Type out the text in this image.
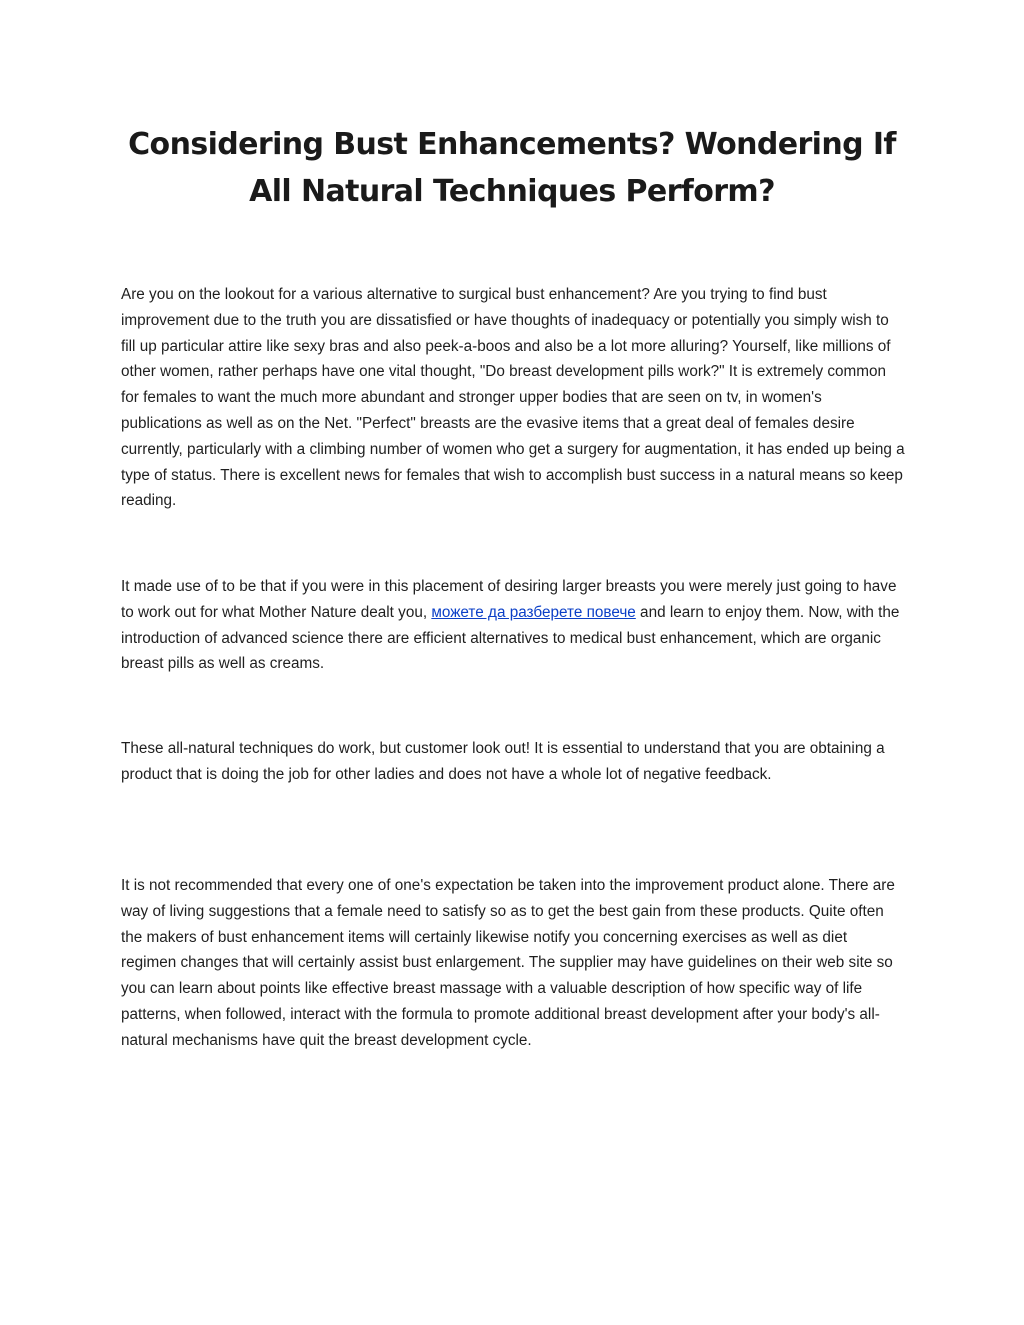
Considering Bust Enhancements? Wondering If All Natural Techniques Perform?

Are you on the lookout for a various alternative to surgical bust enhancement? Are you trying to find bust improvement due to the truth you are dissatisfied or have thoughts of inadequacy or potentially you simply wish to fill up particular attire like sexy bras and also peek-a-boos and also be a lot more alluring? Yourself, like millions of other women, rather perhaps have one vital thought, "Do breast development pills work?" It is extremely common for females to want the much more abundant and stronger upper bodies that are seen on tv, in women's publications as well as on the Net. "Perfect" breasts are the evasive items that a great deal of females desire currently, particularly with a climbing number of women who get a surgery for augmentation, it has ended up being a type of status. There is excellent news for females that wish to accomplish bust success in a natural means so keep reading.

It made use of to be that if you were in this placement of desiring larger breasts you were merely just going to have to work out for what Mother Nature dealt you, можете да разберете повече and learn to enjoy them. Now, with the introduction of advanced science there are efficient alternatives to medical bust enhancement, which are organic breast pills as well as creams.

These all-natural techniques do work, but customer look out! It is essential to understand that you are obtaining a product that is doing the job for other ladies and does not have a whole lot of negative feedback.

It is not recommended that every one of one's expectation be taken into the improvement product alone. There are way of living suggestions that a female need to satisfy so as to get the best gain from these products. Quite often the makers of bust enhancement items will certainly likewise notify you concerning exercises as well as diet regimen changes that will certainly assist bust enlargement. The supplier may have guidelines on their web site so you can learn about points like effective breast massage with a valuable description of how specific way of life patterns, when followed, interact with the formula to promote additional breast development after your body's all-natural mechanisms have quit the breast development cycle.
